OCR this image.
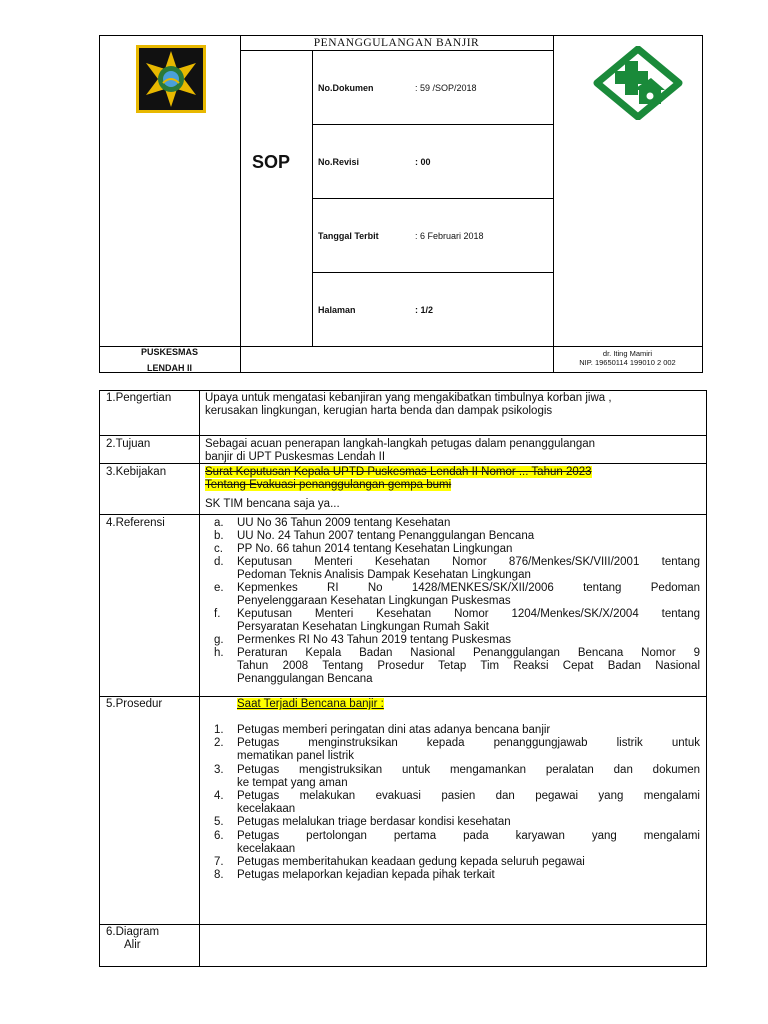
PENANGGULANGAN BANJIR
SOP
No.Dokumen	: 59 /SOP/2018
No.Revisi	: 00
Tanggal Terbit	: 6 Februari 2018
Halaman	: 1/2
PUSKESMAS
LENDAH II
dr. Iting Mamiri
NIP. 19650114 199010 2 002
1.Pengertian	Upaya untuk mengatasi kebanjiran yang mengakibatkan timbulnya korban jiwa ,
kerusakan lingkungan, kerugian harta benda dan dampak psikologis
2.Tujuan	Sebagai acuan penerapan langkah-langkah petugas dalam penanggulangan
banjir di UPT Puskesmas Lendah II
3.Kebijakan	Surat Keputusan Kepala UPTD Puskesmas Lendah II Nomor ... Tahun 2023
Tentang Evakuasi penanggulangan gempa bumi
SK TIM bencana saja ya...
4.Referensi	a. UU No 36 Tahun 2009 tentang Kesehatan
b. UU No. 24 Tahun 2007 tentang Penanggulangan Bencana
c. PP No. 66 tahun 2014 tentang Kesehatan Lingkungan
d. Keputusan Menteri Kesehatan Nomor 876/Menkes/SK/VIII/2001 tentang
Pedoman Teknis Analisis Dampak Kesehatan Lingkungan
e. Kepmenkes RI No 1428/MENKES/SK/XII/2006 tentang Pedoman
Penyelenggaraan Kesehatan Lingkungan Puskesmas
f. Keputusan Menteri Kesehatan Nomor 1204/Menkes/SK/X/2004 tentang
Persyaratan Kesehatan Lingkungan Rumah Sakit
g. Permenkes RI No 43 Tahun 2019 tentang Puskesmas
h. Peraturan Kepala Badan Nasional Penanggulangan Bencana Nomor 9
Tahun 2008 Tentang Prosedur Tetap Tim Reaksi Cepat Badan Nasional
Penanggulangan Bencana
5.Prosedur	Saat Terjadi Bencana banjir :
1. Petugas memberi peringatan dini atas adanya bencana banjir
2. Petugas menginstruksikan kepada penanggungjawab listrik untuk
mematikan panel listrik
3. Petugas mengistruksikan untuk mengamankan peralatan dan dokumen
ke tempat yang aman
4. Petugas melakukan evakuasi pasien dan pegawai yang mengalami
kecelakaan
5. Petugas melalukan triage berdasar kondisi kesehatan
6. Petugas pertolongan pertama pada karyawan yang mengalami
kecelakaan
7. Petugas memberitahukan keadaan gedung kepada seluruh pegawai
8. Petugas melaporkan kejadian kepada pihak terkait
6.Diagram
Alir
